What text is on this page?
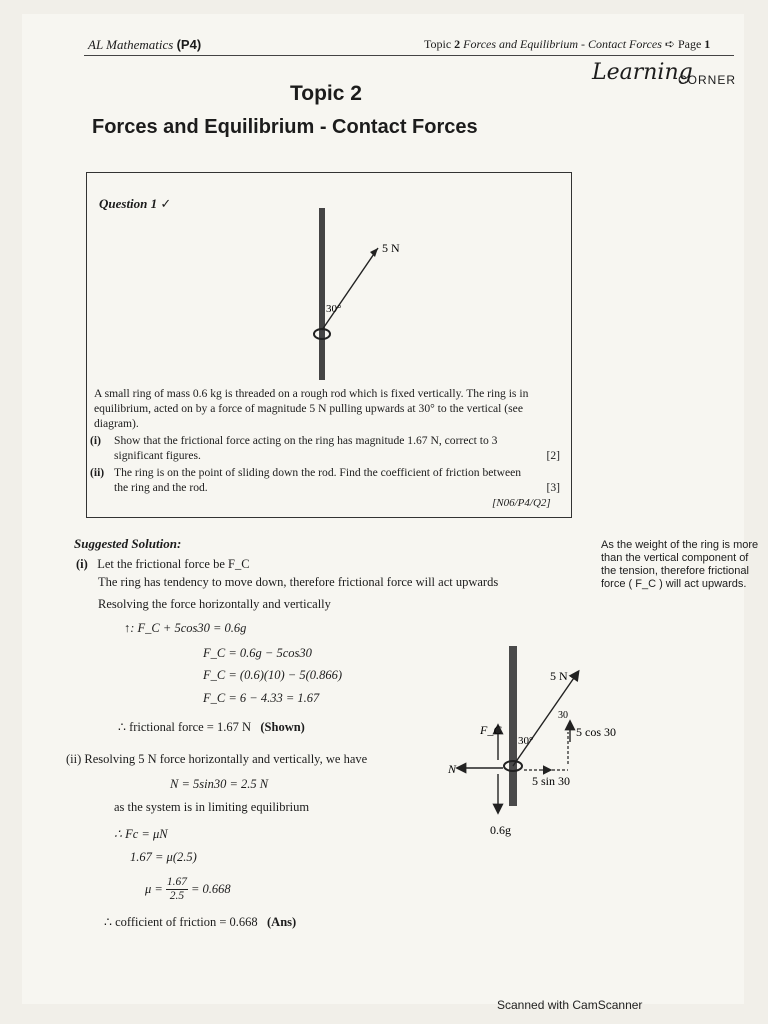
AL Mathematics (P4)	Topic 2 Forces and Equilibrium - Contact Forces ➪ Page 1
Learning
CORNER
Topic 2
Forces and Equilibrium - Contact Forces
Question 1 ✓
5 N
30°
A small ring of mass 0.6 kg is threaded on a rough rod which is fixed vertically. The ring is in equilibrium, acted on by a force of magnitude 5 N pulling upwards at 30° to the vertical (see diagram).
(i)	Show that the frictional force acting on the ring has magnitude 1.67 N, correct to 3 significant figures.	[2]
(ii) The ring is on the point of sliding down the rod. Find the coefficient of friction between the ring and the rod.	[3]
[N06/P4/Q2]
Suggested Solution:
(i) Let the frictional force be F_C
The ring has tendency to move down, therefore frictional force will act upwards
Resolving the force horizontally and vertically
↑: F_C + 5cos30 = 0.6g
F_C = 0.6g − 5cos30
F_C = (0.6)(10) − 5(0.866)
F_C = 6 − 4.33 = 1.67
∴ frictional force = 1.67 N (Shown)
(ii) Resolving 5 N force horizontally and vertically, we have
N = 5sin30 = 2.5 N
as the system is in limiting equilibrium
∴ Fc = μN
1.67 = μ(2.5)
$\mu = \frac{1.67}{2.5} = 0.668$
∴ cofficient of friction = 0.668 (Ans)
F_C
30°
30
5 N
5 cos 30
5 sin 30
N
0.6g
As the weight of the ring is more than the vertical component of the tension, therefore frictional force ( F_C ) will act upwards.
Scanned with CamScanner
